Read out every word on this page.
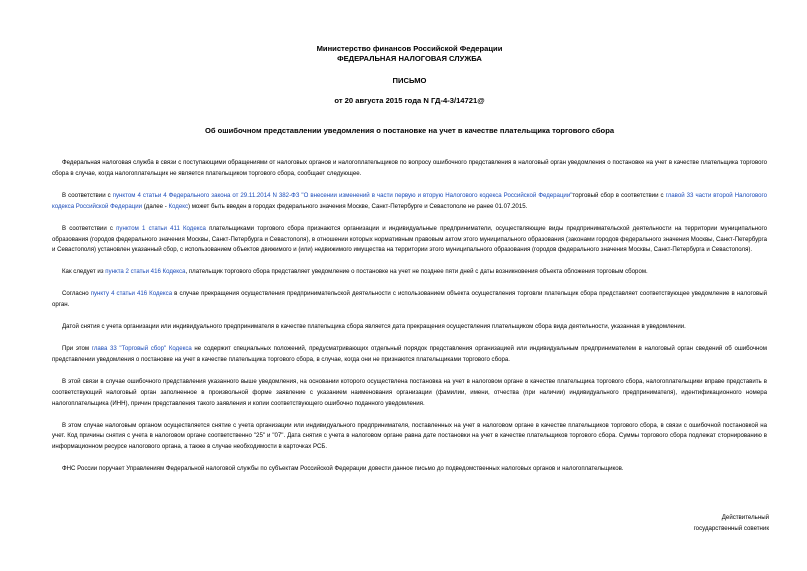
Министерство финансов Российской Федерации
ФЕДЕРАЛЬНАЯ НАЛОГОВАЯ СЛУЖБА
ПИСЬМО
от 20 августа 2015 года N ГД-4-3/14721@
Об ошибочном представлении уведомления о постановке на учет в качестве плательщика торгового сбора

Федеральная налоговая служба в связи с поступающими обращениями от налоговых органов и налогоплательщиков по вопросу ошибочного представления в налоговый орган уведомления о постановке на учет в качестве плательщика торгового сбора в случае, когда налогоплательщик не является плательщиком торгового сбора, сообщает следующее.

В соответствии с пунктом 4 статьи 4 Федерального закона от 29.11.2014 N 382-ФЗ "О внесении изменений в части первую и вторую Налогового кодекса Российской Федерации"торговый сбор в соответствии с главой 33 части второй Налогового кодекса Российской Федерации (далее - Кодекс) может быть введен в городах федерального значения Москве, Санкт-Петербурге и Севастополе не ранее 01.07.2015.

В соответствии с пунктом 1 статьи 411 Кодекса плательщиками торгового сбора признаются организации и индивидуальные предприниматели, осуществляющие виды предпринимательской деятельности на территории муниципального образования (городов федерального значения Москвы, Санкт-Петербурга и Севастополя), в отношении которых нормативным правовым актом этого муниципального образования (законами городов федерального значения Москвы, Санкт-Петербурга и Севастополя) установлен указанный сбор, с использованием объектов движимого и (или) недвижимого имущества на территории этого муниципального образования (городов федерального значения Москвы, Санкт-Петербурга и Севастополя).

Как следует из пункта 2 статьи 416 Кодекса, плательщик торгового сбора представляет уведомление о постановке на учет не позднее пяти дней с даты возникновения объекта обложения торговым сбором.

Согласно пункту 4 статьи 416 Кодекса в случае прекращения осуществления предпринимательской деятельности с использованием объекта осуществления торговли плательщик сбора представляет соответствующее уведомление в налоговый орган.

Датой снятия с учета организации или индивидуального предпринимателя в качестве плательщика сбора является дата прекращения осуществления плательщиком сбора вида деятельности, указанная в уведомлении.

При этом глава 33 "Торговый сбор" Кодекса не содержит специальных положений, предусматривающих отдельный порядок представления организацией или индивидуальным предпринимателем в налоговый орган сведений об ошибочном представлении уведомления о постановке на учет в качестве плательщика торгового сбора, в случае, когда они не признаются плательщиками торгового сбора.

В этой связи в случае ошибочного представления указанного выше уведомления, на основании которого осуществлена постановка на учет в налоговом органе в качестве плательщика торгового сбора, налогоплательщики вправе представить в соответствующий налоговый орган заполненное в произвольной форме заявление с указанием наименования организации (фамилии, имени, отчества (при наличии) индивидуального предпринимателя), идентификационного номера налогоплательщика (ИНН), причин представления такого заявления и копии соответствующего ошибочно поданного уведомления.

В этом случае налоговым органом осуществляется снятие с учета организации или индивидуального предпринимателя, поставленных на учет в налоговом органе в качестве плательщиков торгового сбора, в связи с ошибочной постановкой на учет. Код причины снятия с учета в налоговом органе соответственно "25" и "07". Дата снятия с учета в налоговом органе равна дате постановки на учет в качестве плательщиков торгового сбора. Суммы торгового сбора подлежат сторнированию в информационном ресурсе налогового органа, а также в случае необходимости в карточках РСБ.

ФНС России поручает Управлениям Федеральной налоговой службы по субъектам Российской Федерации довести данное письмо до подведомственных налоговых органов и налогоплательщиков.

Действительный
государственный советник
